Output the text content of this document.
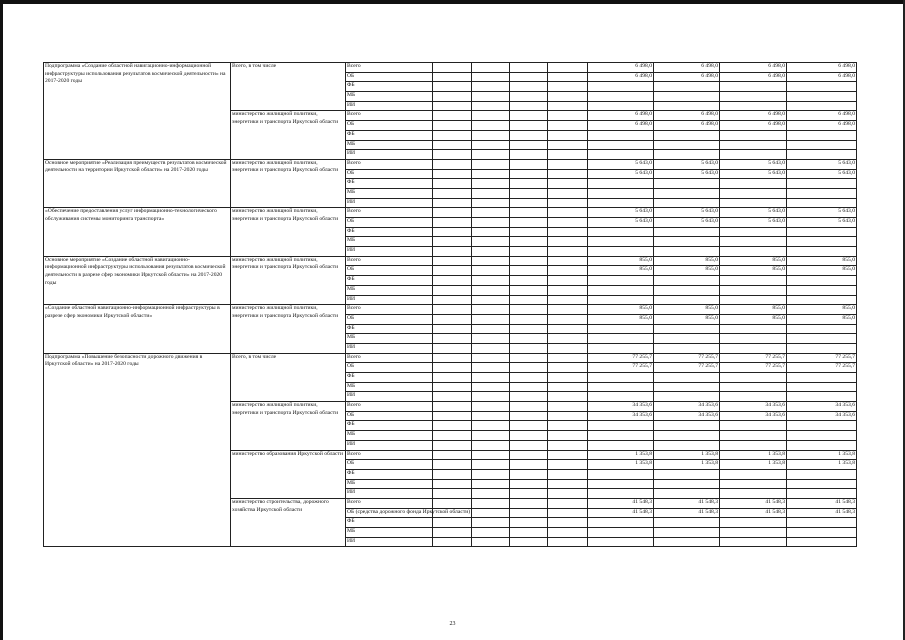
Подпрограмма «Создание областной навигационно-информационной инфраструктуры использования результатов космической деятельности» на 2017-2020 годы	Всего, в том числе	Всего					6 498,0	6 498,0	6 498,0	6 498,0
		ОБ					6 498,0	6 498,0	6 498,0	6 498,0
		ФБ								
		МБ								
		ИИ								
	министерство жилищной политики, энергетики и транспорта Иркутской области	Всего					6 498,0	6 498,0	6 498,0	6 498,0
		ОБ					6 498,0	6 498,0	6 498,0	6 498,0
		ФБ								
		МБ								
		ИИ								
Основное мероприятие «Реализация преимуществ результатов космической деятельности на территории Иркутской области» на 2017-2020 годы	министерство жилищной политики, энергетики и транспорта Иркутской области	Всего					5 643,0	5 643,0	5 643,0	5 643,0
		ОБ					5 643,0	5 643,0	5 643,0	5 643,0
		ФБ								
		МБ								
		ИИ								
«Обеспечение предоставления услуг информационно-технологического обслуживания системы мониторинга транспорта»	министерство жилищной политики, энергетики и транспорта Иркутской области	Всего					5 643,0	5 643,0	5 643,0	5 643,0
		ОБ					5 643,0	5 643,0	5 643,0	5 643,0
		ФБ								
		МБ								
		ИИ								
Основное мероприятие «Создание областной навигационно-информационной инфраструктуры использования результатов космической деятельности в разрезе сфер экономики Иркутской области» на 2017-2020 годы	министерство жилищной политики, энергетики и транспорта Иркутской области	Всего					855,0	855,0	855,0	855,0
		ОБ					855,0	855,0	855,0	855,0
		ФБ								
		МБ								
		ИИ								
«Создание областной навигационно-информационной инфраструктуры в разрезе сфер экономики Иркутской области»	министерство жилищной политики, энергетики и транспорта Иркутской области	Всего					855,0	855,0	855,0	855,0
		ОБ					855,0	855,0	855,0	855,0
		ФБ								
		МБ								
		ИИ								
Подпрограмма «Повышение безопасности дорожного движения в Иркутской области» на 2017-2020 годы	Всего, в том числе	Всего					77 255,7	77 255,7	77 255,7	77 255,7
		ОБ					77 255,7	77 255,7	77 255,7	77 255,7
		ФБ								
		МБ								
		ИИ								
	министерство жилищной политики, энергетики и транспорта Иркутской области	Всего					34 353,6	34 353,6	34 353,6	34 353,6
		ОБ					34 353,6	34 353,6	34 353,6	34 353,6
		ФБ								
		МБ								
		ИИ								
	министерство образования Иркутской области	Всего					1 353,8	1 353,8	1 353,8	1 353,8
		ОБ					1 353,8	1 353,8	1 353,8	1 353,8
		ФБ								
		МБ								
		ИИ								
	министерство строительства, дорожного хозяйства Иркутской области	Всего					41 548,3	41 548,3	41 548,3	41 548,3
		ОБ (средства дорожного фонда Иркутской области)					41 548,3	41 548,3	41 548,3	41 548,3
		ФБ								
		МБ								
		ИИ								
23
